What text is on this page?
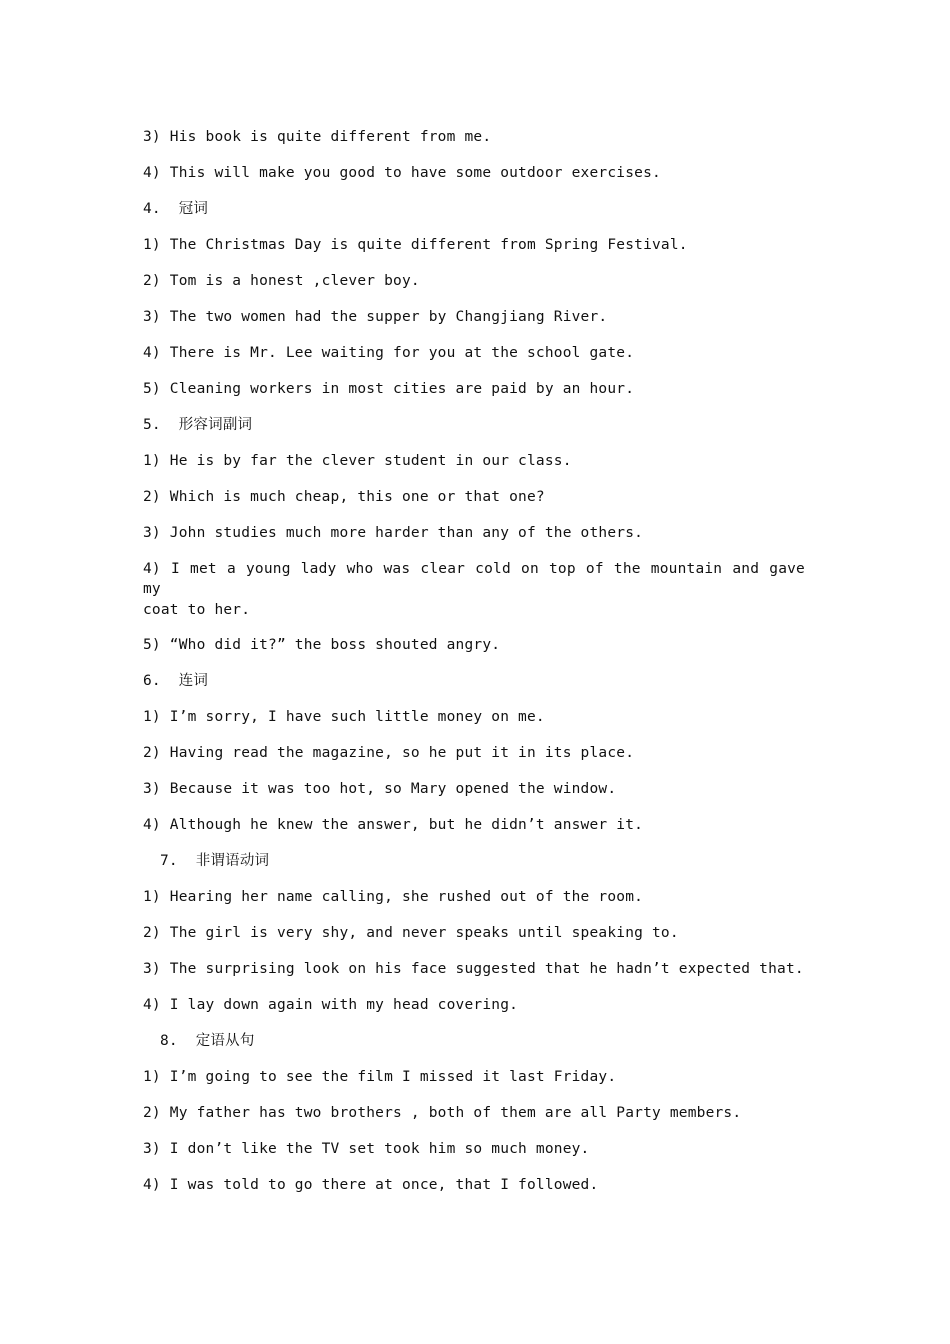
3) His book is quite different from me.
4) This will make you good to have some outdoor exercises.
4.  冠词
1) The Christmas Day is quite different from Spring Festival.
2) Tom is a honest ,clever boy.
3) The two women had the supper by Changjiang River.
4) There is Mr. Lee waiting for you at the school gate.
5) Cleaning workers in most cities are paid by an hour.
5.  形容词副词
1) He is by far the clever student in our class.
2) Which is much cheap, this one or that one?
3) John studies much more harder than any of the others.
4) I met a young lady who was clear cold on top of the mountain and gave my
coat to her.
5) “Who did it?” the boss shouted angry.
6.  连词
1) I’m sorry, I have such little money on me.
2) Having read the magazine, so he put it in its place.
3) Because it was too hot, so Mary opened the window.
4) Although he knew the answer, but he didn’t answer it.
7.  非谓语动词
1) Hearing her name calling, she rushed out of the room.
2) The girl is very shy, and never speaks until speaking to.
3) The surprising look on his face suggested that he hadn’t expected that.
4) I lay down again with my head covering.
8.  定语从句
1) I’m going to see the film I missed it last Friday.
2) My father has two brothers , both of them are all Party members.
3) I don’t like the TV set took him so much money.
4) I was told to go there at once, that I followed.
